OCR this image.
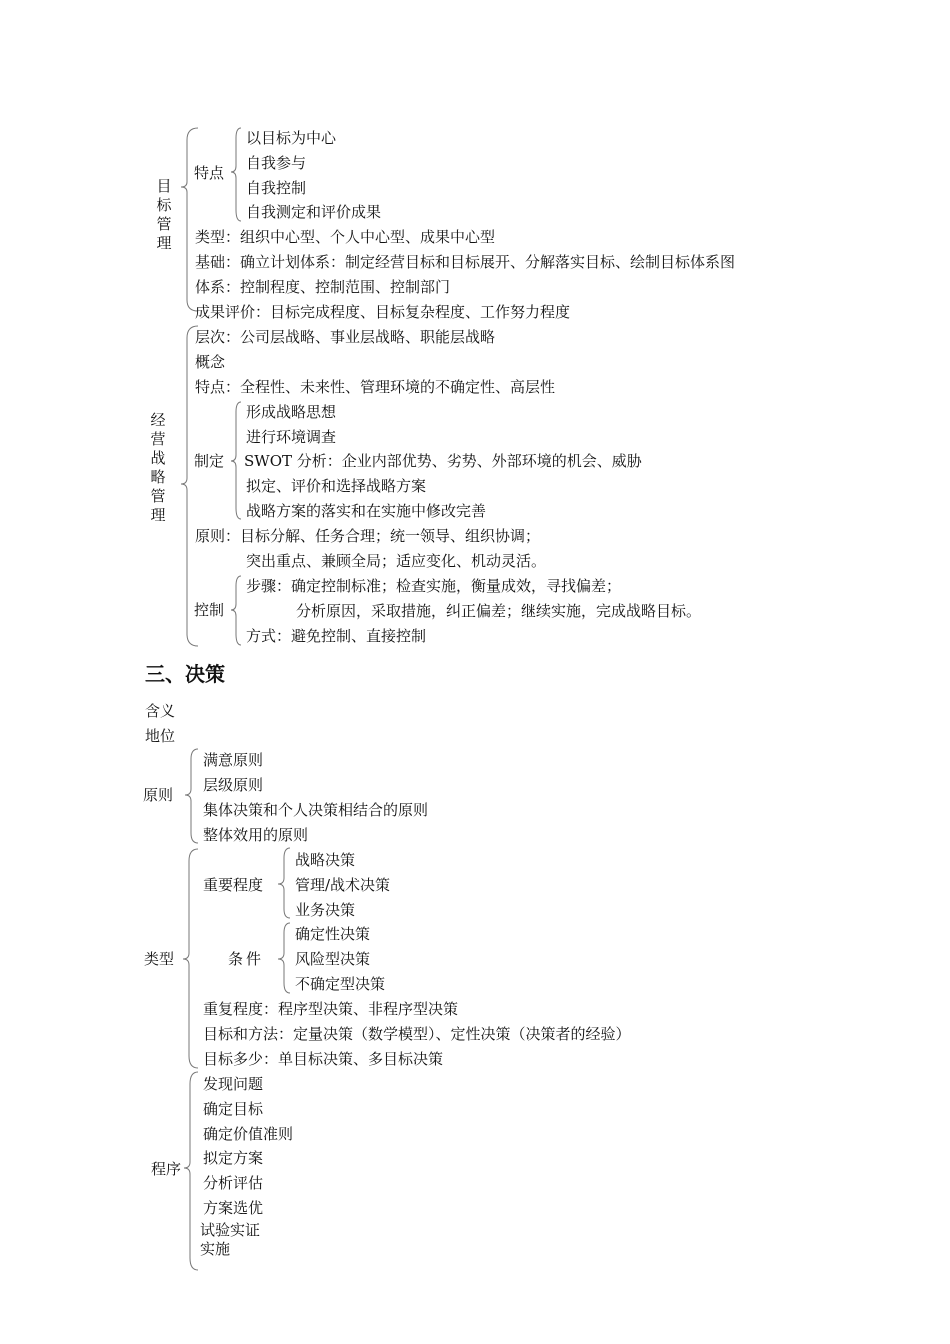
目标管理
特点
以目标为中心
自我参与
自我控制
自我测定和评价成果
类型：组织中心型、个人中心型、成果中心型
基础：确立计划体系：制定经营目标和目标展开、分解落实目标、绘制目标体系图
体系：控制程度、控制范围、控制部门
成果评价：目标完成程度、目标复杂程度、工作努力程度
经营战略管理
层次：公司层战略、事业层战略、职能层战略
概念
特点：全程性、未来性、管理环境的不确定性、高层性
制定
形成战略思想
进行环境调查
SWOT 分析：企业内部优势、劣势、外部环境的机会、威胁
拟定、评价和选择战略方案
战略方案的落实和在实施中修改完善
原则：目标分解、任务合理；统一领导、组织协调；
突出重点、兼顾全局；适应变化、机动灵活。
控制
步骤：确定控制标准；检查实施，衡量成效，寻找偏差；
分析原因，采取措施，纠正偏差；继续实施，完成战略目标。
方式：避免控制、直接控制
三、决策
含义
地位
原则
满意原则
层级原则
集体决策和个人决策相结合的原则
整体效用的原则
类型
重要程度
战略决策
管理/战术决策
业务决策
条件
确定性决策
风险型决策
不确定型决策
重复程度：程序型决策、非程序型决策
目标和方法：定量决策（数学模型）、定性决策（决策者的经验）
目标多少：单目标决策、多目标决策
程序
发现问题
确定目标
确定价值准则
拟定方案
分析评估
方案选优
试验实证
实施
